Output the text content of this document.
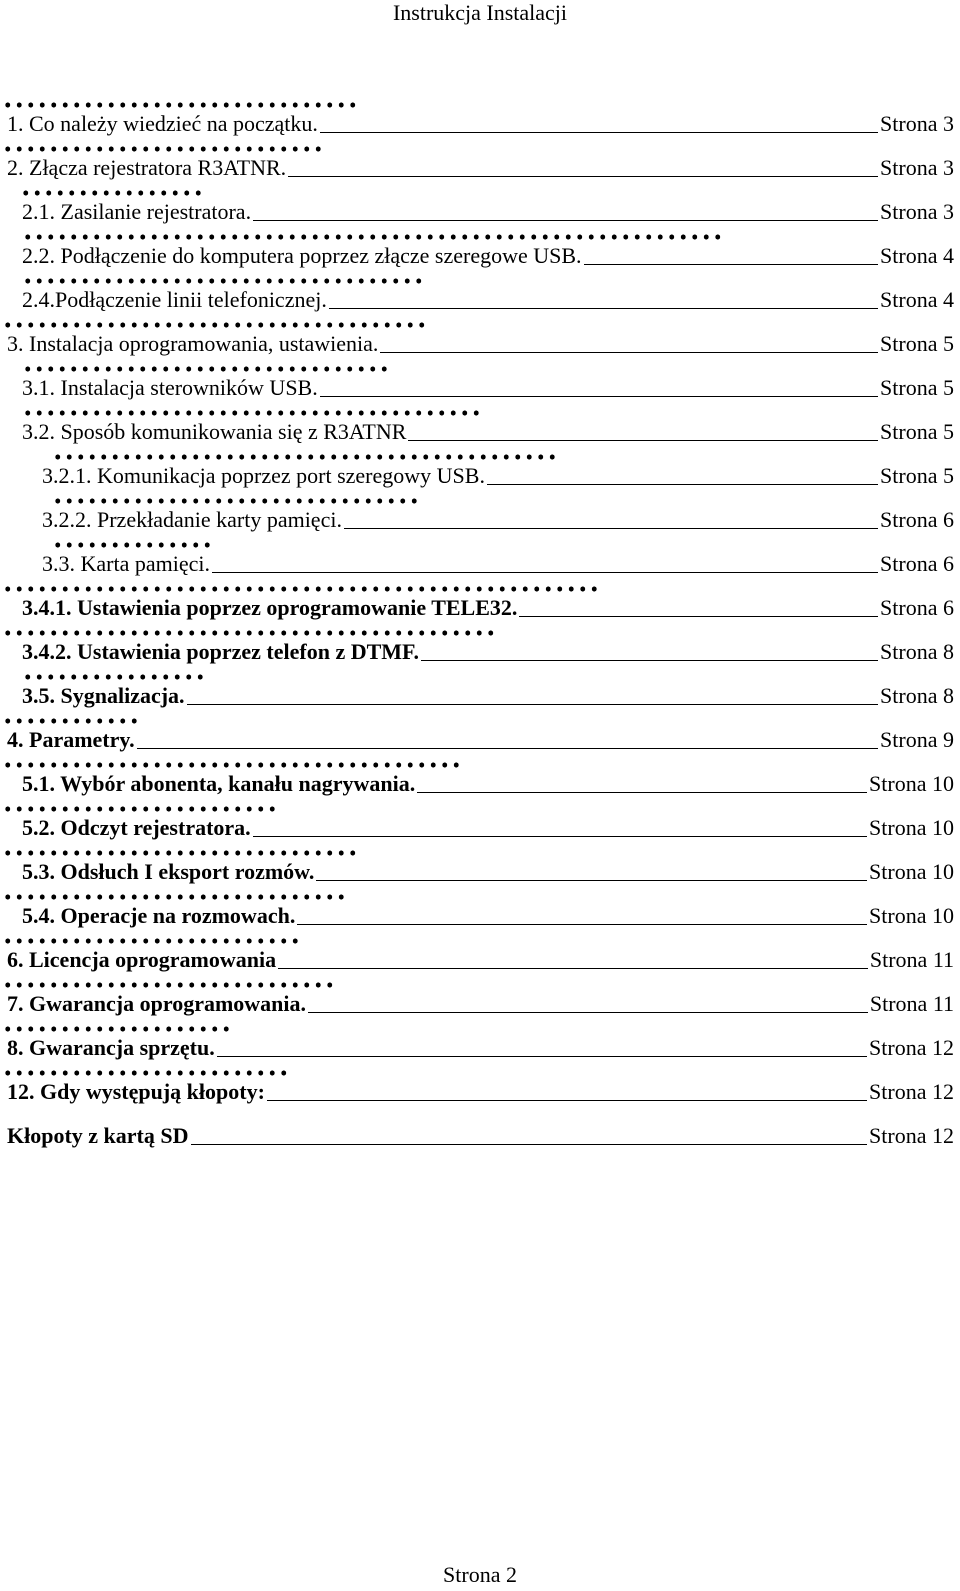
Instrukcja Instalacji
1. Co należy wiedzieć na początku.	Strona 3
2. Złącza rejestratora R3ATNR.	Strona 3
2.1. Zasilanie rejestratora.	Strona 3
2.2. Podłączenie do komputera poprzez złącze szeregowe USB.	Strona 4
2.4.Podłączenie linii telefonicznej.	Strona 4
3. Instalacja oprogramowania, ustawienia.	Strona 5
3.1. Instalacja sterowników USB.	Strona 5
3.2. Sposób komunikowania się z R3ATNR	Strona 5
3.2.1. Komunikacja poprzez port szeregowy USB.	Strona 5
3.2.2. Przekładanie karty pamięci.	Strona 6
3.3. Karta pamięci.	Strona 6
3.4.1. Ustawienia poprzez oprogramowanie TELE32.	Strona 6
3.4.2. Ustawienia poprzez telefon z DTMF.	Strona 8
3.5. Sygnalizacja.	Strona 8
4. Parametry.	Strona 9
5.1. Wybór abonenta, kanału nagrywania.	Strona 10
5.2. Odczyt rejestratora.	Strona 10
5.3. Odsłuch I eksport rozmów.	Strona 10
5.4. Operacje na rozmowach.	Strona 10
6. Licencja oprogramowania	Strona 11
7. Gwarancja oprogramowania.	Strona 11
8. Gwarancja sprzętu.	Strona 12
12. Gdy występują kłopoty:	Strona 12
Kłopoty z kartą SD	Strona 12
Strona 2
